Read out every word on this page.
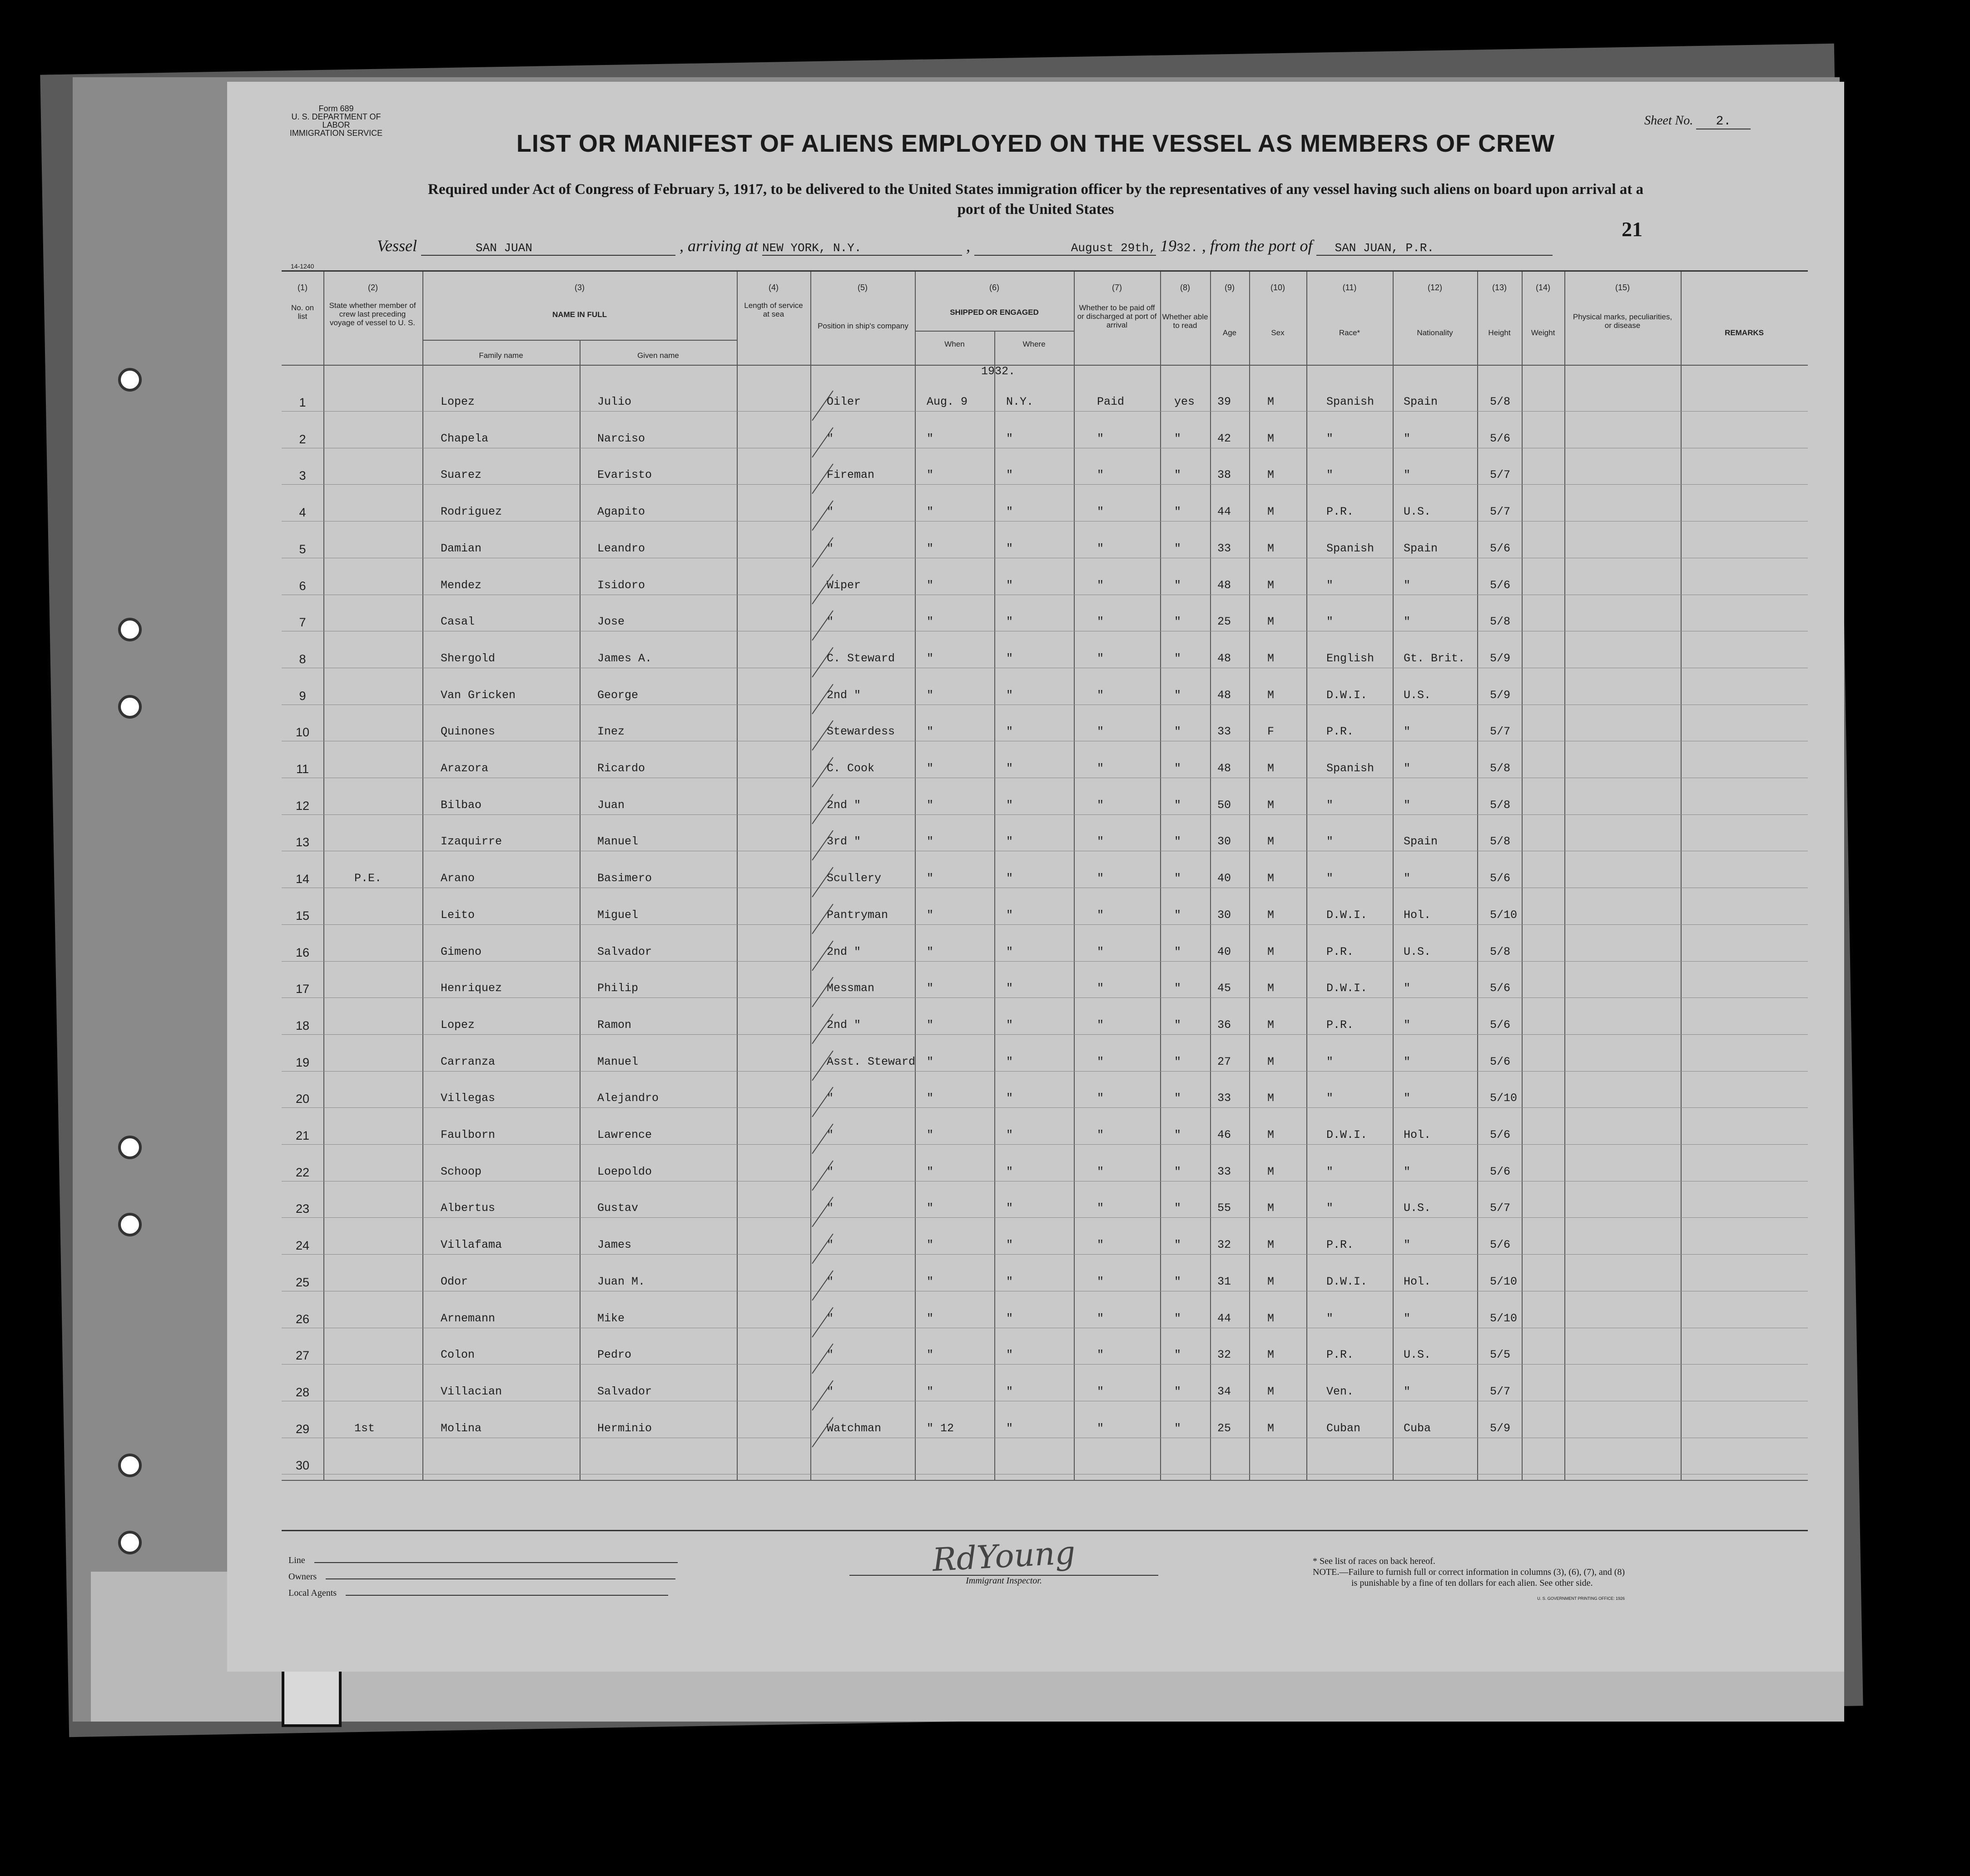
Form 689
U. S. DEPARTMENT OF LABOR
IMMIGRATION SERVICE
Sheet No. 2.
LIST OR MANIFEST OF ALIENS EMPLOYED ON THE VESSEL AS MEMBERS OF CREW
Required under Act of Congress of February 5, 1917, to be delivered to the United States immigration officer by the representatives of any vessel having such aliens on board upon arrival at a
port of the United States
21
Vessel	SAN JUAN	, arriving at NEW YORK, N.Y.	,	August 29th, 1932. , from the port of SAN JUAN, P.R.
14-1240
(1)	(2)	(3)	(4)	(5)	(6)	(7)	(8)	(9)	(10)	(11)	(12)	(13)	(14)	(15)
No. on list
State whether member of crew last preceding voyage of vessel to U. S.
NAME IN FULL
Family name	Given name
Length of service at sea
Position in ship's company
SHIPPED OR ENGAGED
When	Where
Whether to be paid off or discharged at port of arrival
Whether able to read
Age	Sex	Race*	Nationality	Height	Weight
Physical marks, peculiarities, or disease
REMARKS
1932.
1	Lopez	Julio	Oiler	Aug. 9	N.Y.	Paid	yes 39	M	Spanish	Spain	5/8
2	Chapela	Narciso	"	"	"	"	"	42	M	"	"	5/6
3	Suarez	Evaristo	Fireman	"	"	"	"	38	M	"	"	5/7
4	Rodriguez	Agapito	"	"	"	"	"	44	M	P.R.	U.S.	5/7
5	Damian	Leandro	"	"	"	"	"	33	M	Spanish	Spain	5/6
6	Mendez	Isidoro	Wiper	"	"	"	"	48	M	"	"	5/6
7	Casal	Jose	"	"	"	"	"	25	M	"	"	5/8
8	Shergold	James A.	C. Steward	"	"	"	"	48	M	English	Gt. Brit. 5/9
9	Van Gricken	George	2nd "	"	"	"	"	48	M	D.W.I.	U.S.	5/9
10	Quinones	Inez	Stewardess	"	"	"	"	33	F	P.R.	"	5/7
11	Arazora	Ricardo	C. Cook	"	"	"	"	48	M	Spanish	"	5/8
12	Bilbao	Juan	2nd "	"	"	"	"	50	M	"	"	5/8
13	Izaquirre	Manuel	3rd "	"	"	"	"	30	M	"	Spain	5/8
14	P.E.	Arano	Basimero	Scullery	"	"	"	"	40	M	"	"	5/6
15	Leito	Miguel	Pantryman	"	"	"	"	30	M	D.W.I.	Hol.	5/10
16	Gimeno	Salvador	2nd "	"	"	"	"	40	M	P.R.	U.S.	5/8
17	Henriquez	Philip	Messman	"	"	"	"	45	M	D.W.I.	"	5/6
18	Lopez	Ramon	2nd "	"	"	"	"	36	M	P.R.	"	5/6
19	Carranza	Manuel	Asst. Steward "	"	"	"	27	M	"	"	5/6
20	Villegas	Alejandro	"	"	"	"	"	33	M	"	"	5/10
21	Faulborn	Lawrence	"	"	"	"	"	46	M	D.W.I.	Hol.	5/6
22	Schoop	Loepoldo	"	"	"	"	"	33	M	"	"	5/6
23	Albertus	Gustav	"	"	"	"	"	55	M	"	U.S.	5/7
24	Villafama	James	"	"	"	"	"	32	M	P.R.	"	5/6
25	Odor	Juan M.	"	"	"	"	"	31	M	D.W.I.	Hol.	5/10
26	Arnemann	Mike	"	"	"	"	"	44	M	"	"	5/10
27	Colon	Pedro	"	"	"	"	"	32	M	P.R.	U.S.	5/5
28	Villacian	Salvador	"	"	"	"	"	34	M	Ven.	"	5/7
29	1st	Molina	Herminio	Watchman	" 12	"	"	"	25	M	Cuban	Cuba	5/9
30
Line
Owners
Local Agents
RdYoung
Immigrant Inspector.
* See list of races on back hereof.
NOTE.—Failure to furnish full or correct information in columns (3), (6), (7), and (8)
is punishable by a fine of ten dollars for each alien. See other side.
U. S. GOVERNMENT PRINTING OFFICE: 1926
